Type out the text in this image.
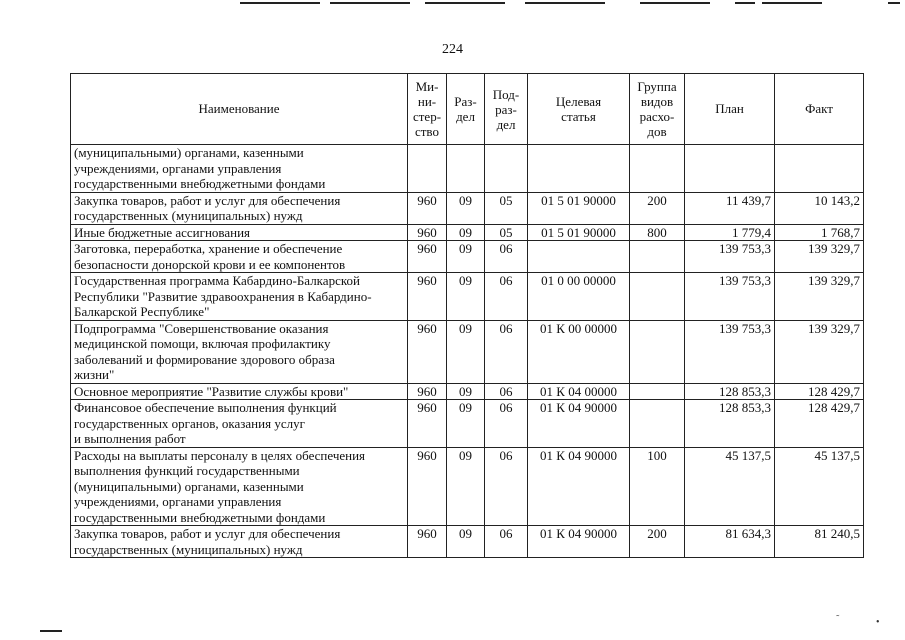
224
Наименование	Ми-
ни-
стер-
ство	Раз-
дел	Под-
раз-
дел	Целевая
статья	Группа
видов
расхо-
дов	План	Факт
(муниципальными) органами, казенными
учреждениями, органами управления
государственными внебюджетными фондами							
Закупка товаров, работ и услуг для обеспечения
государственных (муниципальных) нужд	960	09	05	01 5 01 90000	200	11 439,7	10 143,2
Иные бюджетные ассигнования	960	09	05	01 5 01 90000	800	1 779,4	1 768,7
Заготовка, переработка, хранение и обеспечение
безопасности донорской крови и ее компонентов	960	09	06			139 753,3	139 329,7
Государственная программа Кабардино-Балкарской
Республики "Развитие здравоохранения в Кабардино-
Балкарской Республике"	960	09	06	01 0 00 00000		139 753,3	139 329,7
Подпрограмма "Совершенствование оказания
медицинской помощи, включая профилактику
заболеваний и формирование здорового образа
жизни"	960	09	06	01 К 00 00000		139 753,3	139 329,7
Основное мероприятие "Развитие службы крови"	960	09	06	01 К 04 00000		128 853,3	128 429,7
Финансовое обеспечение выполнения функций
государственных органов, оказания услуг
и выполнения работ	960	09	06	01 К 04 90000		128 853,3	128 429,7
Расходы на выплаты персоналу в целях обеспечения
выполнения функций государственными
(муниципальными) органами, казенными
учреждениями, органами управления
государственными внебюджетными фондами	960	09	06	01 К 04 90000	100	45 137,5	45 137,5
Закупка товаров, работ и услуг для обеспечения
государственных (муниципальных) нужд	960	09	06	01 К 04 90000	200	81 634,3	81 240,5
˜	•
